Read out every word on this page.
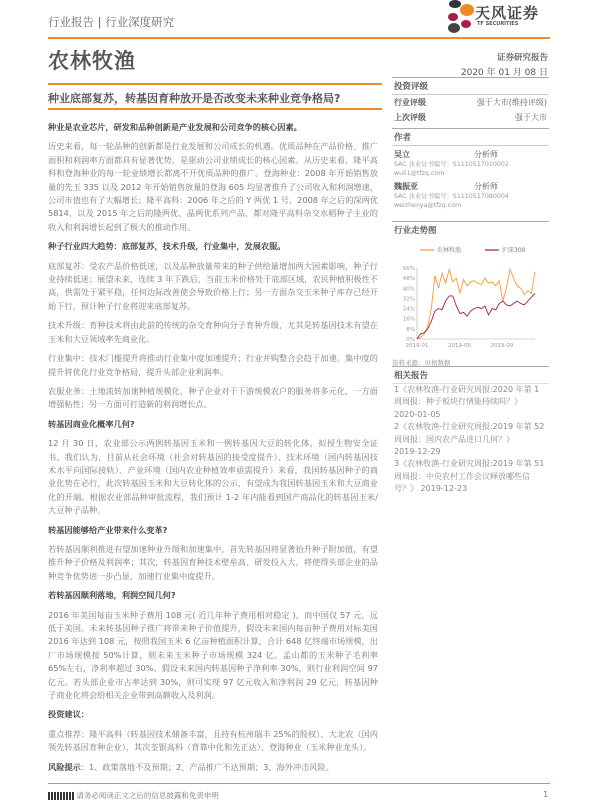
行业报告 | 行业深度研究	天风证券
TF SECURITIES
农林牧渔	证券研究报告
2020 年 01 月 08 日
种业底部复苏，转基因育种放开是否改变未来种业竞争格局?
投资评级
行业评级	强于大市(维持评级)
上次评级	强于大市
作者
吴立	分析师
SAC 执业证书编号：S1110517010002
wuli1@tfzq.com
魏振亚	分析师
SAC 执业证书编号：S1110517080004
weizhenya@tfzq.com
行业走势图
0%
8%
16%
24%
32%
40%
48%
56%
2019-01	2019-05	2019-09
农林牧渔	沪深300
资料来源：贝格数据
相关报告
1《农林牧渔-行业研究周报:2020 年第 1 周周报：种子板块行情能持续吗？》
2020-01-05
2《农林牧渔-行业研究周报:2019 年第 52 周周报：国内农产品进口几何？》
2019-12-29
3《农林牧渔-行业研究周报:2019 年第 51 周周报：中央农村工作会议释放哪些信号？》 2019-12-23
种业是农业芯片，研发和品种创新是产业发展和公司竞争的核心因素。

历史来看，每一轮品种的创新都是行业发展和公司成长的机遇。优质品种在产品价格、推广面积和利润率方面都具有显著优势，是驱动公司业绩成长的核心因素。从历史来看，隆平高科和登海种业的每一轮业绩增长都离不开优质品种的推广。登海种业：2008 年开始销售放量的先玉 335 以及 2012 年开始销售放量的登海 605 均显著推升了公司收入和利润增速，公司市值也有了大幅增长；隆平高科：2006 年之后的 Y 两优 1 号，2008 年之后的深两优 5814，以及 2015 年之后的隆两优、晶两优系列产品，都对隆平高科杂交水稻种子主业的收入和利润增长起到了极大的推动作用。

种子行业四大趋势：底部复苏，技术升级，行业集中，发展农服。

底部复苏：受农产品价格低迷，以及品种放量带来的种子供给量增加两大因素影响，种子行业持续低迷；展望未来，连续 3 年下跌后，当前玉米价格处于底部区域，农民种植积极性不高，供需处于紧平稳，任何边际改善使会导致价格上行；另一方面杂交玉米种子库存已经开始下行，预计种子行业将迎来底部复苏。

技术升级：育种技术将由此前的传统的杂交育种向分子育种升级，尤其是转基因技术有望在玉米和大豆领域率先商业化。

行业集中：技术门槛提升将推动行业集中度加速提升；行业并购整合会趋于加速。集中度的提升将优化行业竞争格局，提升头部企业利润率。

农服业务：土地流转加速种植规模化，种子企业对于下游规模农户的服务将多元化，一方面增强粘性；另一方面可打造新的利润增长点。

转基因商业化概率几何?

12 月 30 日，农业部公示两例转基因玉米和一例转基因大豆的转化体，拟授生物安全证书。我们认为，目前从社会环境（社会对转基因的接受度提升）、技术环境（国内转基因技术水平向国际接轨）、产业环境（国内农业种植效率亟需提升）来看，我国转基因种子的商业化势在必行，此次转基因玉米和大豆转化体的公示，有望成为我国转基因玉米和大豆商业化的开端。根据农业部品种审批流程，我们预计 1-2 年内能看到国产商品化的转基因玉米/大豆种子品种。

转基因能够给产业带来什么变革?

若转基因顺利推进有望加速种业升级和加速集中。首先转基因将显著抬升种子附加值，有望推升种子价格及利润率；其次，转基因育种技术壁垒高、研发投入大，将使得头部企业的品种竞争优势进一步凸显，加速行业集中度提升。

若转基因顺利落地，利润空间几何?

2016 年美国每亩玉米种子费用 108 元( 近几年种子费用相对稳定 )，而中国仅 57 元，远低于美国。未来转基因种子推广将带来种子价值提升，假设未来国内每亩种子费用对标美国 2016 年达到 108 元，按照我国玉米 6 亿亩种植面积计算，合计 648 亿终端市场规模，出厂市场规模按 50%计算，则未来玉米种子市场规模 324 亿。孟山都的玉米种子毛利率 65%左右，净利率超过 30%。假设未来国内转基因种子净利率 30%，则行业利润空间 97 亿元。若头部企业市占率达到 30%，则可实现 97 亿元收入和净利润 29 亿元，转基因种子商业化将会给相关企业带到高额收入及利润。

投资建议：

重点推荐：隆平高科（转基因技术储备丰富，且持有杭州瑞丰 25%的股权）、大北农（国内领先转基因育种企业），其次荃银高科（背靠中化和先正达）、登海种业（玉米种业龙头）。

风险提示：1、政策落地不及预期；2、产品推广不达预期；3、海外冲击风险。

请务必阅读正文之后的信息披露和免责申明	1
